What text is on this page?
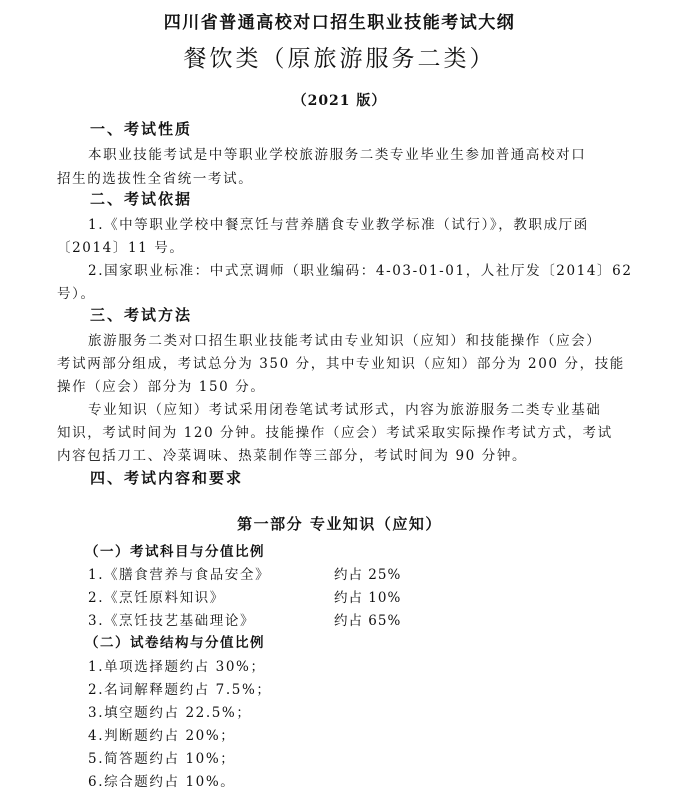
四川省普通高校对口招生职业技能考试大纲
餐饮类（原旅游服务二类）
（2021 版）
一、考试性质
本职业技能考试是中等职业学校旅游服务二类专业毕业生参加普通高校对口
招生的选拔性全省统一考试。
二、考试依据
1.《中等职业学校中餐烹饪与营养膳食专业教学标准（试行）》，教职成厅函
〔2014〕11 号。
2.国家职业标准：中式烹调师（职业编码：4-03-01-01，人社厅发〔2014〕62
号）。
三、考试方法
旅游服务二类对口招生职业技能考试由专业知识（应知）和技能操作（应会）
考试两部分组成，考试总分为 350 分，其中专业知识（应知）部分为 200 分，技能
操作（应会）部分为 150 分。
专业知识（应知）考试采用闭卷笔试考试形式，内容为旅游服务二类专业基础
知识，考试时间为 120 分钟。技能操作（应会）考试采取实际操作考试方式，考试
内容包括刀工、冷菜调味、热菜制作等三部分，考试时间为 90 分钟。
四、考试内容和要求
第一部分 专业知识（应知）
（一）考试科目与分值比例
1.《膳食营养与食品安全》	约占 25%
2.《烹饪原料知识》	约占 10%
3.《烹饪技艺基础理论》	约占 65%
（二）试卷结构与分值比例
1.单项选择题约占 30%；
2.名词解释题约占 7.5%；
3.填空题约占 22.5%；
4.判断题约占 20%；
5.简答题约占 10%；
6.综合题约占 10%。
